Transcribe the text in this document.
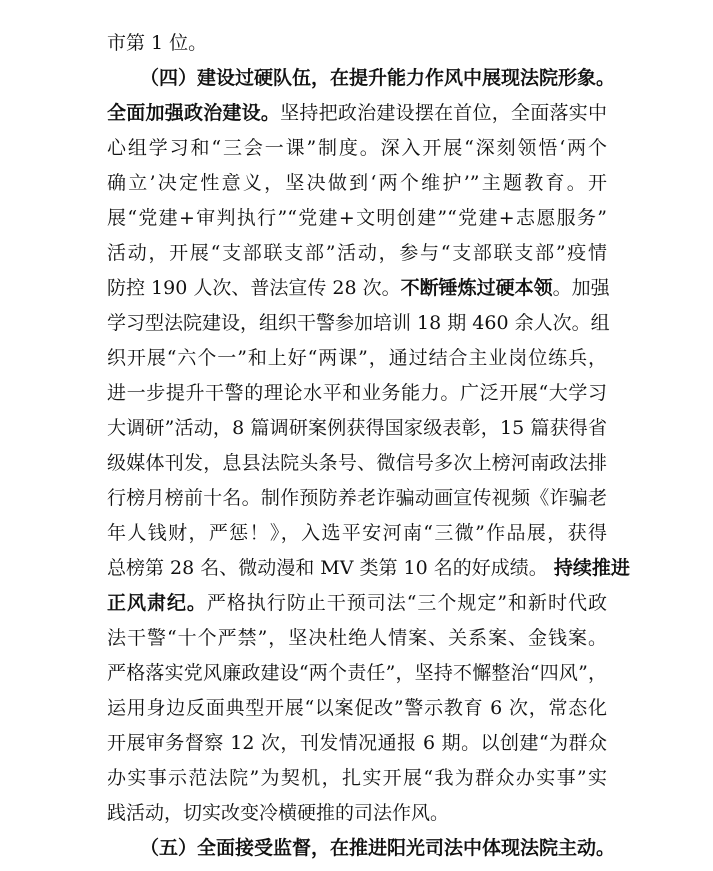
市第 1 位。
（四）建设过硬队伍，在提升能力作风中展现法院形象。
全面加强政治建设。坚持把政治建设摆在首位，全面落实中
心组学习和“三会一课”制度。深入开展“深刻领悟‘两个
确立’决定性意义，坚决做到‘两个维护’”主题教育。开
展“党建+审判执行”“党建+文明创建”“党建+志愿服务”
活动，开展“支部联支部”活动，参与“支部联支部”疫情
防控 190 人次、普法宣传 28 次。不断锤炼过硬本领。加强
学习型法院建设，组织干警参加培训 18 期 460 余人次。组
织开展“六个一”和上好“两课”，通过结合主业岗位练兵，
进一步提升干警的理论水平和业务能力。广泛开展“大学习
大调研”活动，8 篇调研案例获得国家级表彰，15 篇获得省
级媒体刊发，息县法院头条号、微信号多次上榜河南政法排
行榜月榜前十名。制作预防养老诈骗动画宣传视频《诈骗老
年人钱财，严惩！》，入选平安河南“三微”作品展，获得
总榜第 28 名、微动漫和 MV 类第 10 名的好成绩。 持续推进
正风肃纪。严格执行防止干预司法“三个规定”和新时代政
法干警“十个严禁”，坚决杜绝人情案、关系案、金钱案。
严格落实党风廉政建设“两个责任”，坚持不懈整治“四风”，
运用身边反面典型开展“以案促改”警示教育 6 次，常态化
开展审务督察 12 次，刊发情况通报 6 期。以创建“为群众
办实事示范法院”为契机，扎实开展“我为群众办实事”实
践活动，切实改变冷横硬推的司法作风。
（五）全面接受监督，在推进阳光司法中体现法院主动。
